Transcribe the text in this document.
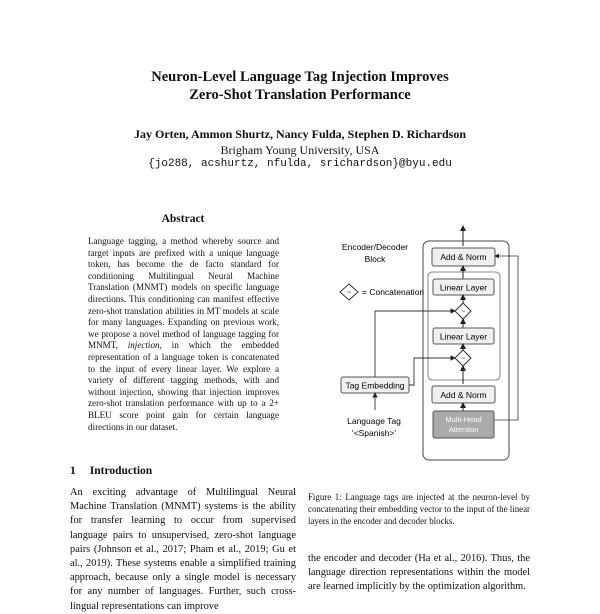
Neuron-Level Language Tag Injection Improves
Zero-Shot Translation Performance
Jay Orten, Ammon Shurtz, Nancy Fulda, Stephen D. Richardson
Brigham Young University, USA
{jo288, acshurtz, nfulda, srichardson}@byu.edu
Abstract
Language tagging, a method whereby source and target inputs are prefixed with a unique language token, has become the de facto standard for conditioning Multilingual Neural Machine Translation (MNMT) models on specific language directions. This conditioning can manifest effective zero-shot translation abilities in MT models at scale for many languages. Expanding on previous work, we propose a novel method of language tagging for MNMT, injection, in which the embedded representation of a language token is concatenated to the input of every linear layer. We explore a variety of different tagging methods, with and without injection, showing that injection improves zero-shot translation performance with up to a 2+ BLEU score point gain for certain language directions in our dataset.
1 Introduction
An exciting advantage of Multilingual Neural Machine Translation (MNMT) systems is the ability for transfer learning to occur from supervised language pairs to unsupervised, zero-shot language pairs (Johnson et al., 2017; Pham et al., 2019; Gu et al., 2019). These systems enable a simplified training approach, because only a single model is necessary for any number of languages. Further, such cross-lingual representations can improve
Encoder/Decoder
Block	Add & Norm
Linear Layer
~
Linear Layer
~
Add & Norm
Multi-Head
Attention
Tag Embedding
Language Tag
'<Spanish>'
~ = Concatenation
Figure 1: Language tags are injected at the neuron-level by concatenating their embedding vector to the input of the linear layers in the encoder and decoder blocks.
the encoder and decoder (Ha et al., 2016). Thus, the language direction representations within the model are learned implicitly by the optimization algorithm.
